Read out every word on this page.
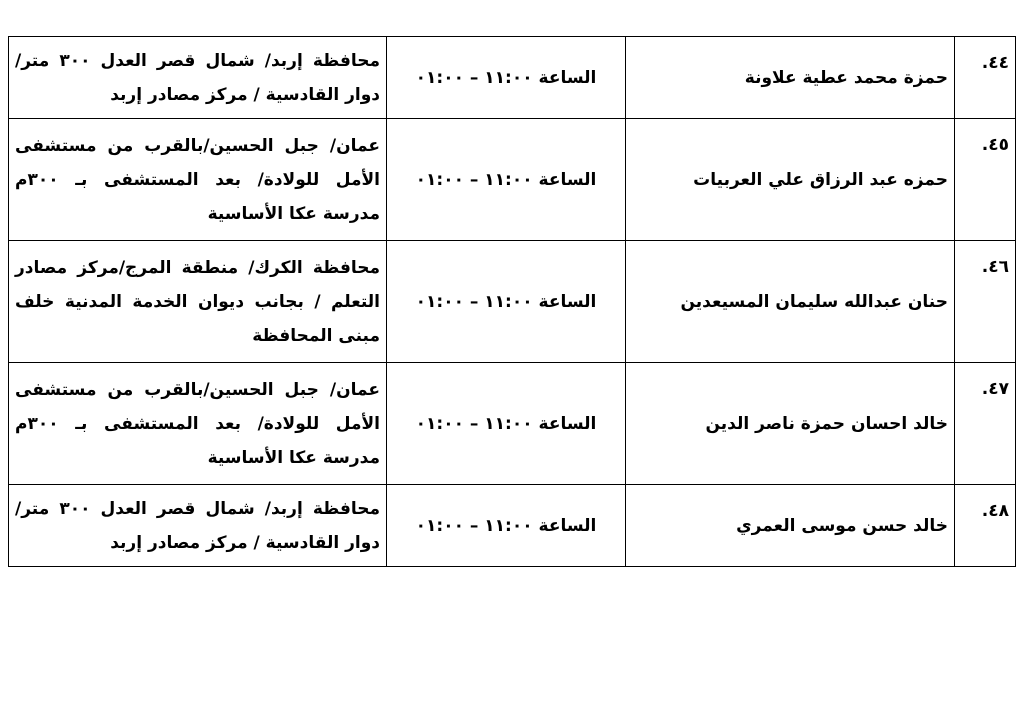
٤٤.	حمزة محمد عطية علاونة	الساعة ١١:٠٠ – ٠١:٠٠	محافظة إربد/ شمال قصر العدل ٣٠٠ متر/ دوار القادسية / مركز مصادر إربد
٤٥.	حمزه عبد الرزاق علي العربيات	الساعة ١١:٠٠ – ٠١:٠٠	عمان/ جبل الحسين/بالقرب من مستشفى الأمل للولادة/ بعد المستشفى بـ ٣٠٠م مدرسة عكا الأساسية
٤٦.	حنان عبدالله سليمان المسيعدين	الساعة ١١:٠٠ – ٠١:٠٠	محافظة الكرك/ منطقة المرج/مركز مصادر التعلم / بجانب ديوان الخدمة المدنية خلف مبنى المحافظة
٤٧.	خالد احسان حمزة ناصر الدين	الساعة ١١:٠٠ – ٠١:٠٠	عمان/ جبل الحسين/بالقرب من مستشفى الأمل للولادة/ بعد المستشفى بـ ٣٠٠م مدرسة عكا الأساسية
٤٨.	خالد حسن موسى العمري	الساعة ١١:٠٠ – ٠١:٠٠	محافظة إربد/ شمال قصر العدل ٣٠٠ متر/ دوار القادسية / مركز مصادر إربد
